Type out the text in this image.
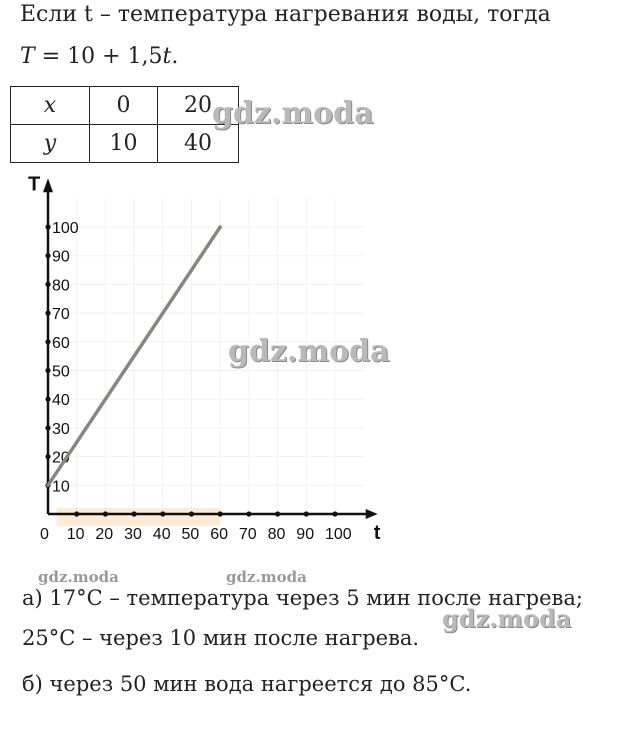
Если t – температура нагревания воды, тогда
T = 10 + 1,5t.
x	0	20
y	10	40
10 20 30 40 50 60 70 80 90 100
10
20
30
40
50
60
70
80
90
100
0
T
t
gdz.moda
gdz.moda
gdz.moda	gdz.moda
gdz.moda
а) 17°C – температура через 5 мин после нагрева;
25°C – через 10 мин после нагрева.
б) через 50 мин вода нагреется до 85°C.
